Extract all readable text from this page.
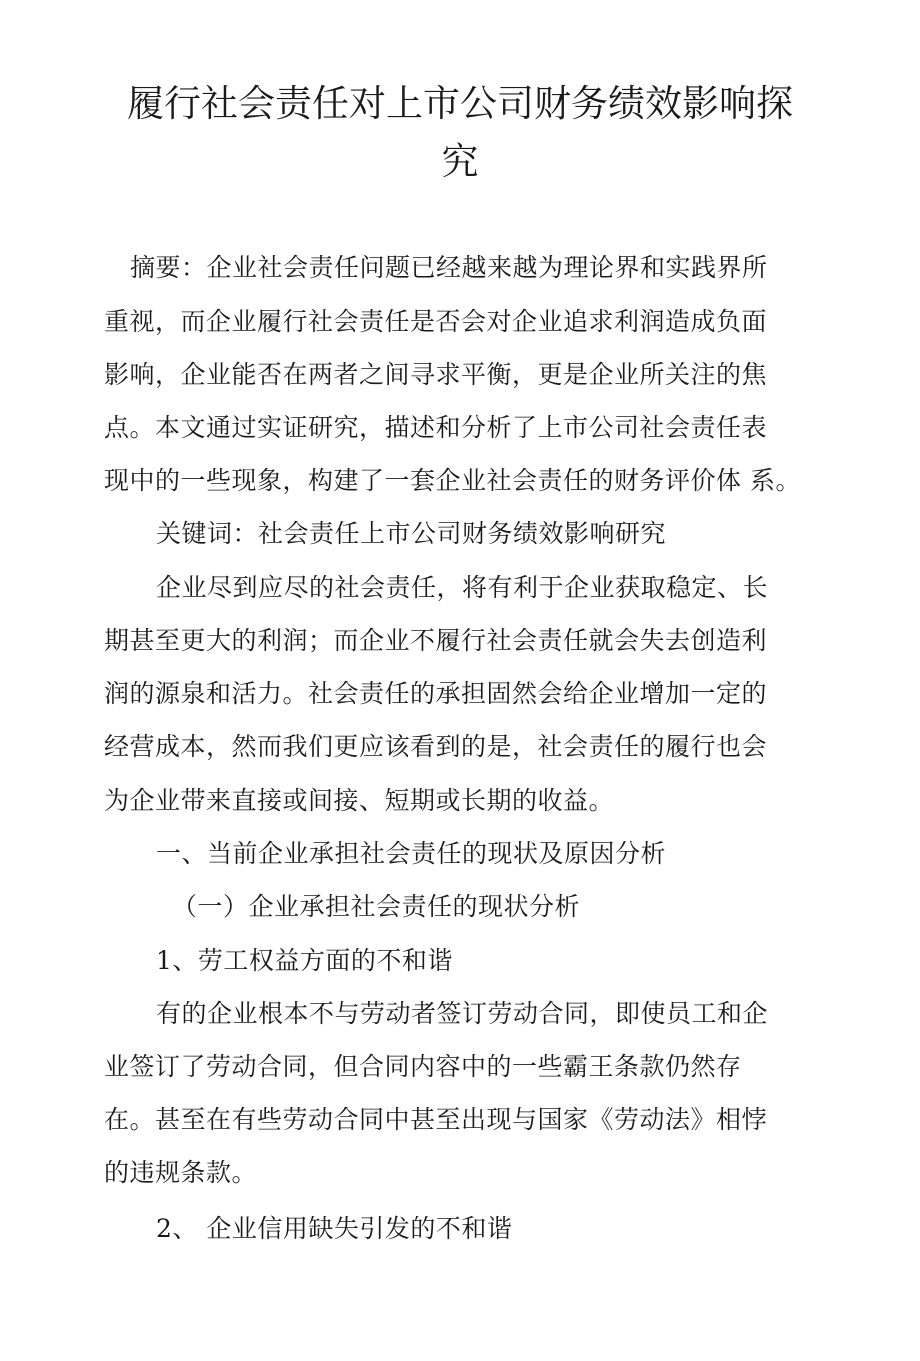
履行社会责任对上市公司财务绩效影响探
究

摘要：企业社会责任问题已经越来越为理论界和实践界所

重视，而企业履行社会责任是否会对企业追求利润造成负面

影响，企业能否在两者之间寻求平衡，更是企业所关注的焦

点。本文通过实证研究，描述和分析了上市公司社会责任表

现中的一些现象，构建了一套企业社会责任的财务评价体 系。

关键词：社会责任上市公司财务绩效影响研究

企业尽到应尽的社会责任，将有利于企业获取稳定、长

期甚至更大的利润；而企业不履行社会责任就会失去创造利

润的源泉和活力。社会责任的承担固然会给企业增加一定的

经营成本，然而我们更应该看到的是，社会责任的履行也会

为企业带来直接或间接、短期或长期的收益。

一、当前企业承担社会责任的现状及原因分析

（一）企业承担社会责任的现状分析

1、劳工权益方面的不和谐

有的企业根本不与劳动者签订劳动合同，即使员工和企

业签订了劳动合同，但合同内容中的一些霸王条款仍然存

在。甚至在有些劳动合同中甚至出现与国家《劳动法》相悖

的违规条款。

2、 企业信用缺失引发的不和谐
